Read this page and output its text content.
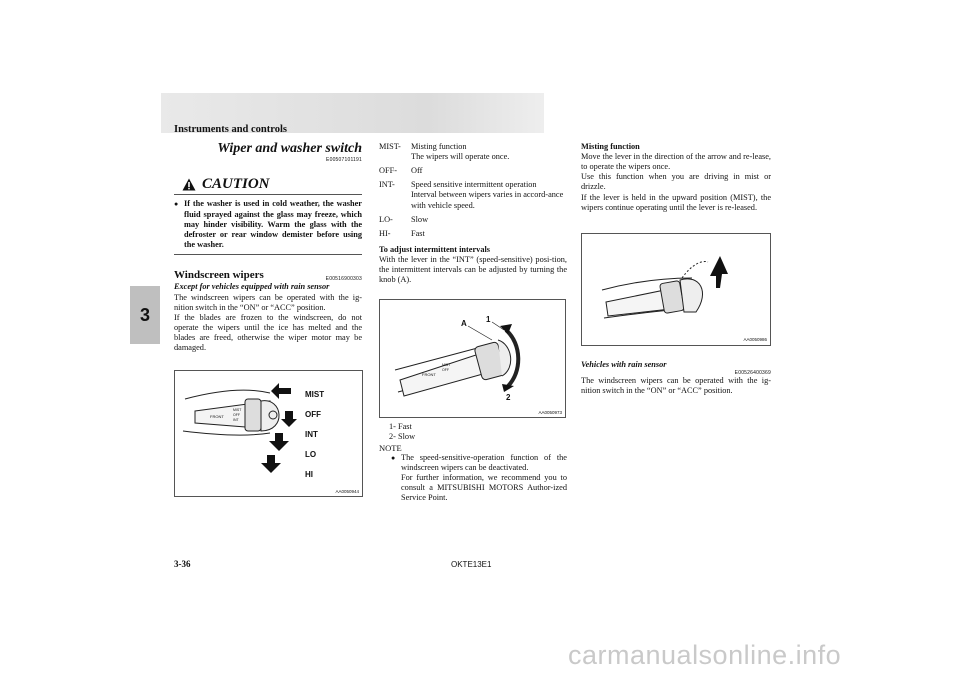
Instruments and controls
3
Wiper and washer switch
E00507101191
CAUTION
● If the washer is used in cold weather, the washer fluid sprayed against the glass may freeze, which may hinder visibility. Warm the glass with the defroster or rear window demister before using the washer.
Windscreen wipers	E00516900303

Except for vehicles equipped with rain sensor

The windscreen wipers can be operated with the ig-nition switch in the “ON” or “ACC” position.

If the blades are frozen to the windscreen, do not operate the wipers until the ice has melted and the blades are freed, otherwise the wiper motor may be damaged.

FRONT
MIST
OFF
INT
MIST
OFF
INT
LO
HI
AA0050944
MIST-	Misting function
The wipers will operate once.
OFF-	Off
INT-	Speed sensitive intermittent operation
Interval between wipers varies in accord-ance with vehicle speed.
LO-	Slow
HI-	Fast

To adjust intermittent intervals

With the lever in the “INT” (speed-sensitive) posi-tion, the intermittent intervals can be adjusted by turning the knob (A).

FRONT
MIST
OFF
A 1
2
AA0050973
1- Fast
2- Slow

NOTE

● The speed-sensitive-operation function of the windscreen wipers can be deactivated.
For further information, we recommend you to consult a MITSUBISHI MOTORS Author-ized Service Point.

Misting function

Move the lever in the direction of the arrow and re-lease, to operate the wipers once.

Use this function when you are driving in mist or drizzle.

If the lever is held in the upward position (MIST), the wipers continue operating until the lever is re-leased.

AA0050986
Vehicles with rain sensor
E00526400369

The windscreen wipers can be operated with the ig-nition switch in the “ON” or “ACC” position.

3-36	OKTE13E1
carmanualsonline.info
